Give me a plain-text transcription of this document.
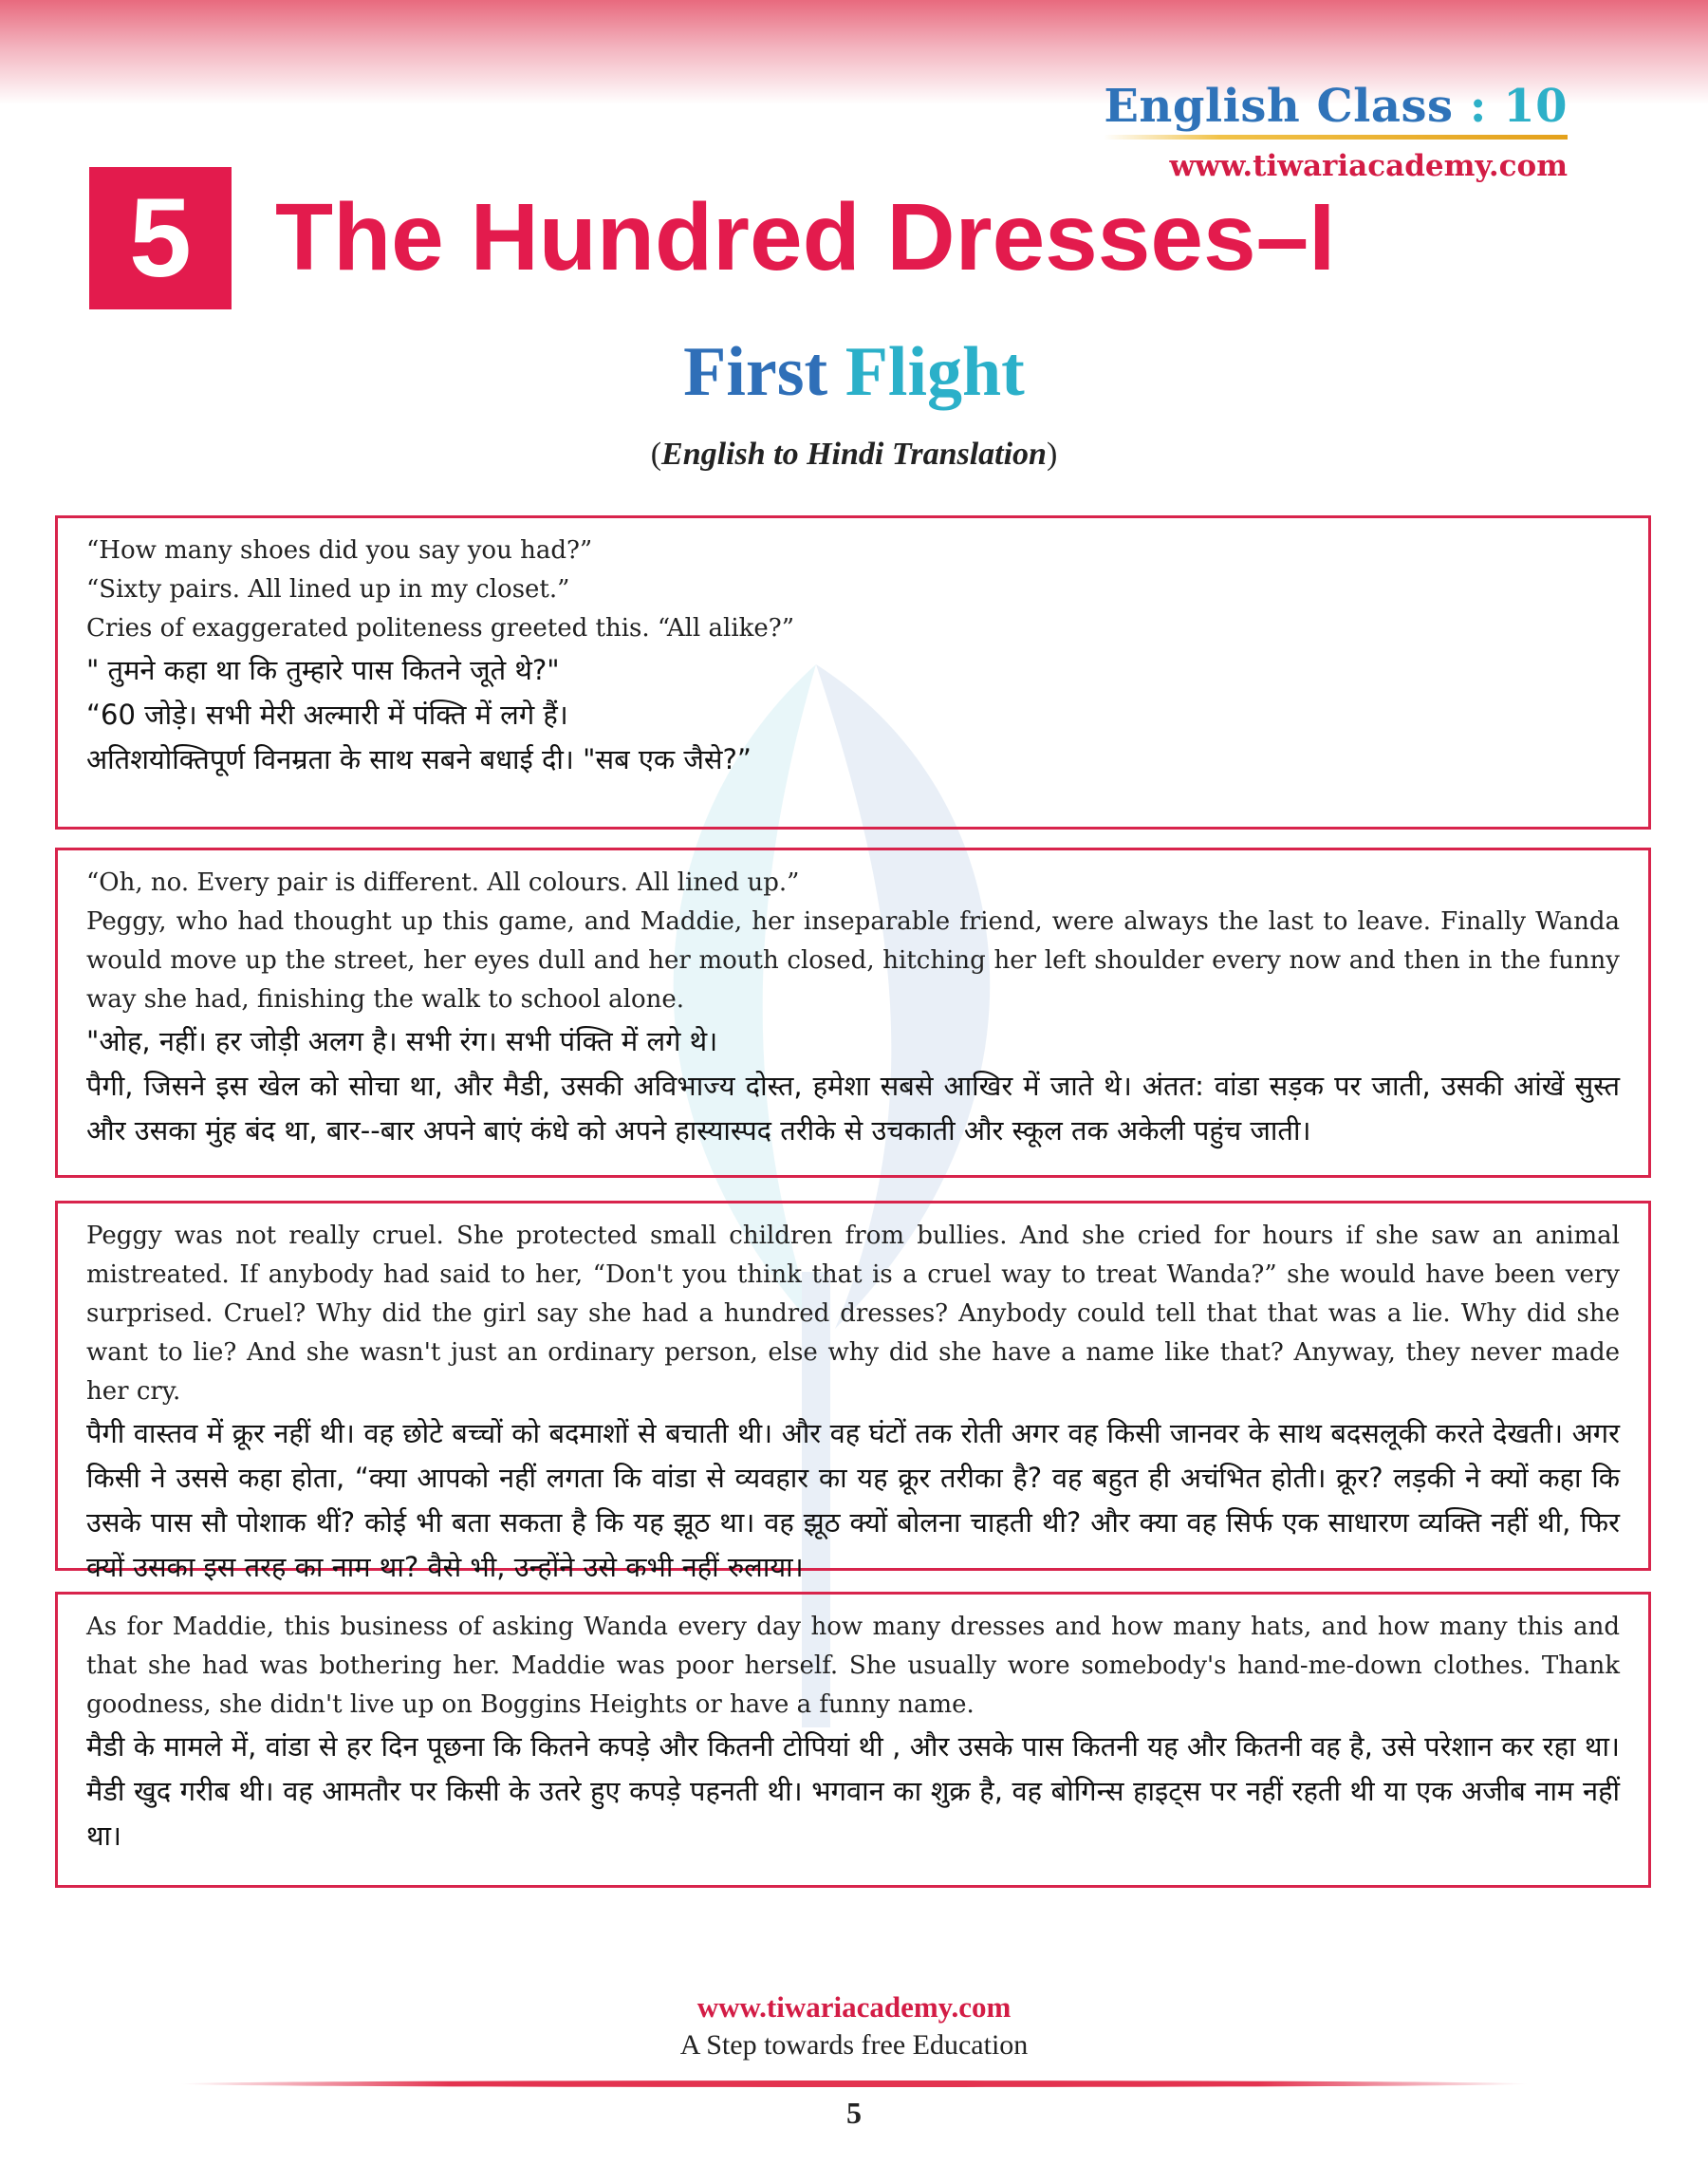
English Class : 10
www.tiwariacademy.com
5 The Hundred Dresses–I
First Flight
(English to Hindi Translation)

“How many shoes did you say you had?”

“Sixty pairs. All lined up in my closet.”

Cries of exaggerated politeness greeted this. “All alike?”

" तुमने कहा था कि तुम्हारे पास कितने जूते थे?"

“60 जोड़े। सभी मेरी अल्मारी में पंक्ति में लगे हैं।

अतिशयोक्तिपूर्ण विनम्रता के साथ सबने बधाई दी। "सब एक जैसे?”

“Oh, no. Every pair is different. All colours. All lined up.”

Peggy, who had thought up this game, and Maddie, her inseparable friend, were always the last to leave. Finally Wanda would move up the street, her eyes dull and her mouth closed, hitching her left shoulder every now and then in the funny way she had, finishing the walk to school alone.

"ओह, नहीं। हर जोड़ी अलग है। सभी रंग। सभी पंक्ति में लगे थे।

पैगी, जिसने इस खेल को सोचा था, और मैडी, उसकी अविभाज्य दोस्त, हमेशा सबसे आखिर में जाते थे। अंतत: वांडा सड़क पर जाती, उसकी आंखें सुस्त और उसका मुंह बंद था, बार--बार अपने बाएं कंधे को अपने हास्यास्पद तरीके से उचकाती और स्कूल तक अकेली पहुंच जाती।

Peggy was not really cruel. She protected small children from bullies. And she cried for hours if she saw an animal mistreated. If anybody had said to her, “Don't you think that is a cruel way to treat Wanda?” she would have been very surprised. Cruel? Why did the girl say she had a hundred dresses? Anybody could tell that that was a lie. Why did she want to lie? And she wasn't just an ordinary person, else why did she have a name like that? Anyway, they never made her cry.

पैगी वास्तव में क्रूर नहीं थी। वह छोटे बच्चों को बदमाशों से बचाती थी। और वह घंटों तक रोती अगर वह किसी जानवर के साथ बदसलूकी करते देखती। अगर किसी ने उससे कहा होता, “क्या आपको नहीं लगता कि वांडा से व्यवहार का यह क्रूर तरीका है? वह बहुत ही अचंभित होती। क्रूर? लड़की ने क्यों कहा कि उसके पास सौ पोशाक थीं? कोई भी बता सकता है कि यह झूठ था। वह झूठ क्यों बोलना चाहती थी? और क्या वह सिर्फ एक साधारण व्यक्ति नहीं थी, फिर क्यों उसका इस तरह का नाम था? वैसे भी, उन्होंने उसे कभी नहीं रुलाया।

As for Maddie, this business of asking Wanda every day how many dresses and how many hats, and how many this and that she had was bothering her. Maddie was poor herself. She usually wore somebody's hand-me-down clothes. Thank goodness, she didn't live up on Boggins Heights or have a funny name.

मैडी के मामले में, वांडा से हर दिन पूछना कि कितने कपड़े और कितनी टोपियां थी , और उसके पास कितनी यह और कितनी वह है, उसे परेशान कर रहा था। मैडी खुद गरीब थी। वह आमतौर पर किसी के उतरे हुए कपड़े पहनती थी। भगवान का शुक्र है, वह बोगिन्स हाइट्स पर नहीं रहती थी या एक अजीब नाम नहीं था।

www.tiwariacademy.com
A Step towards free Education
5
